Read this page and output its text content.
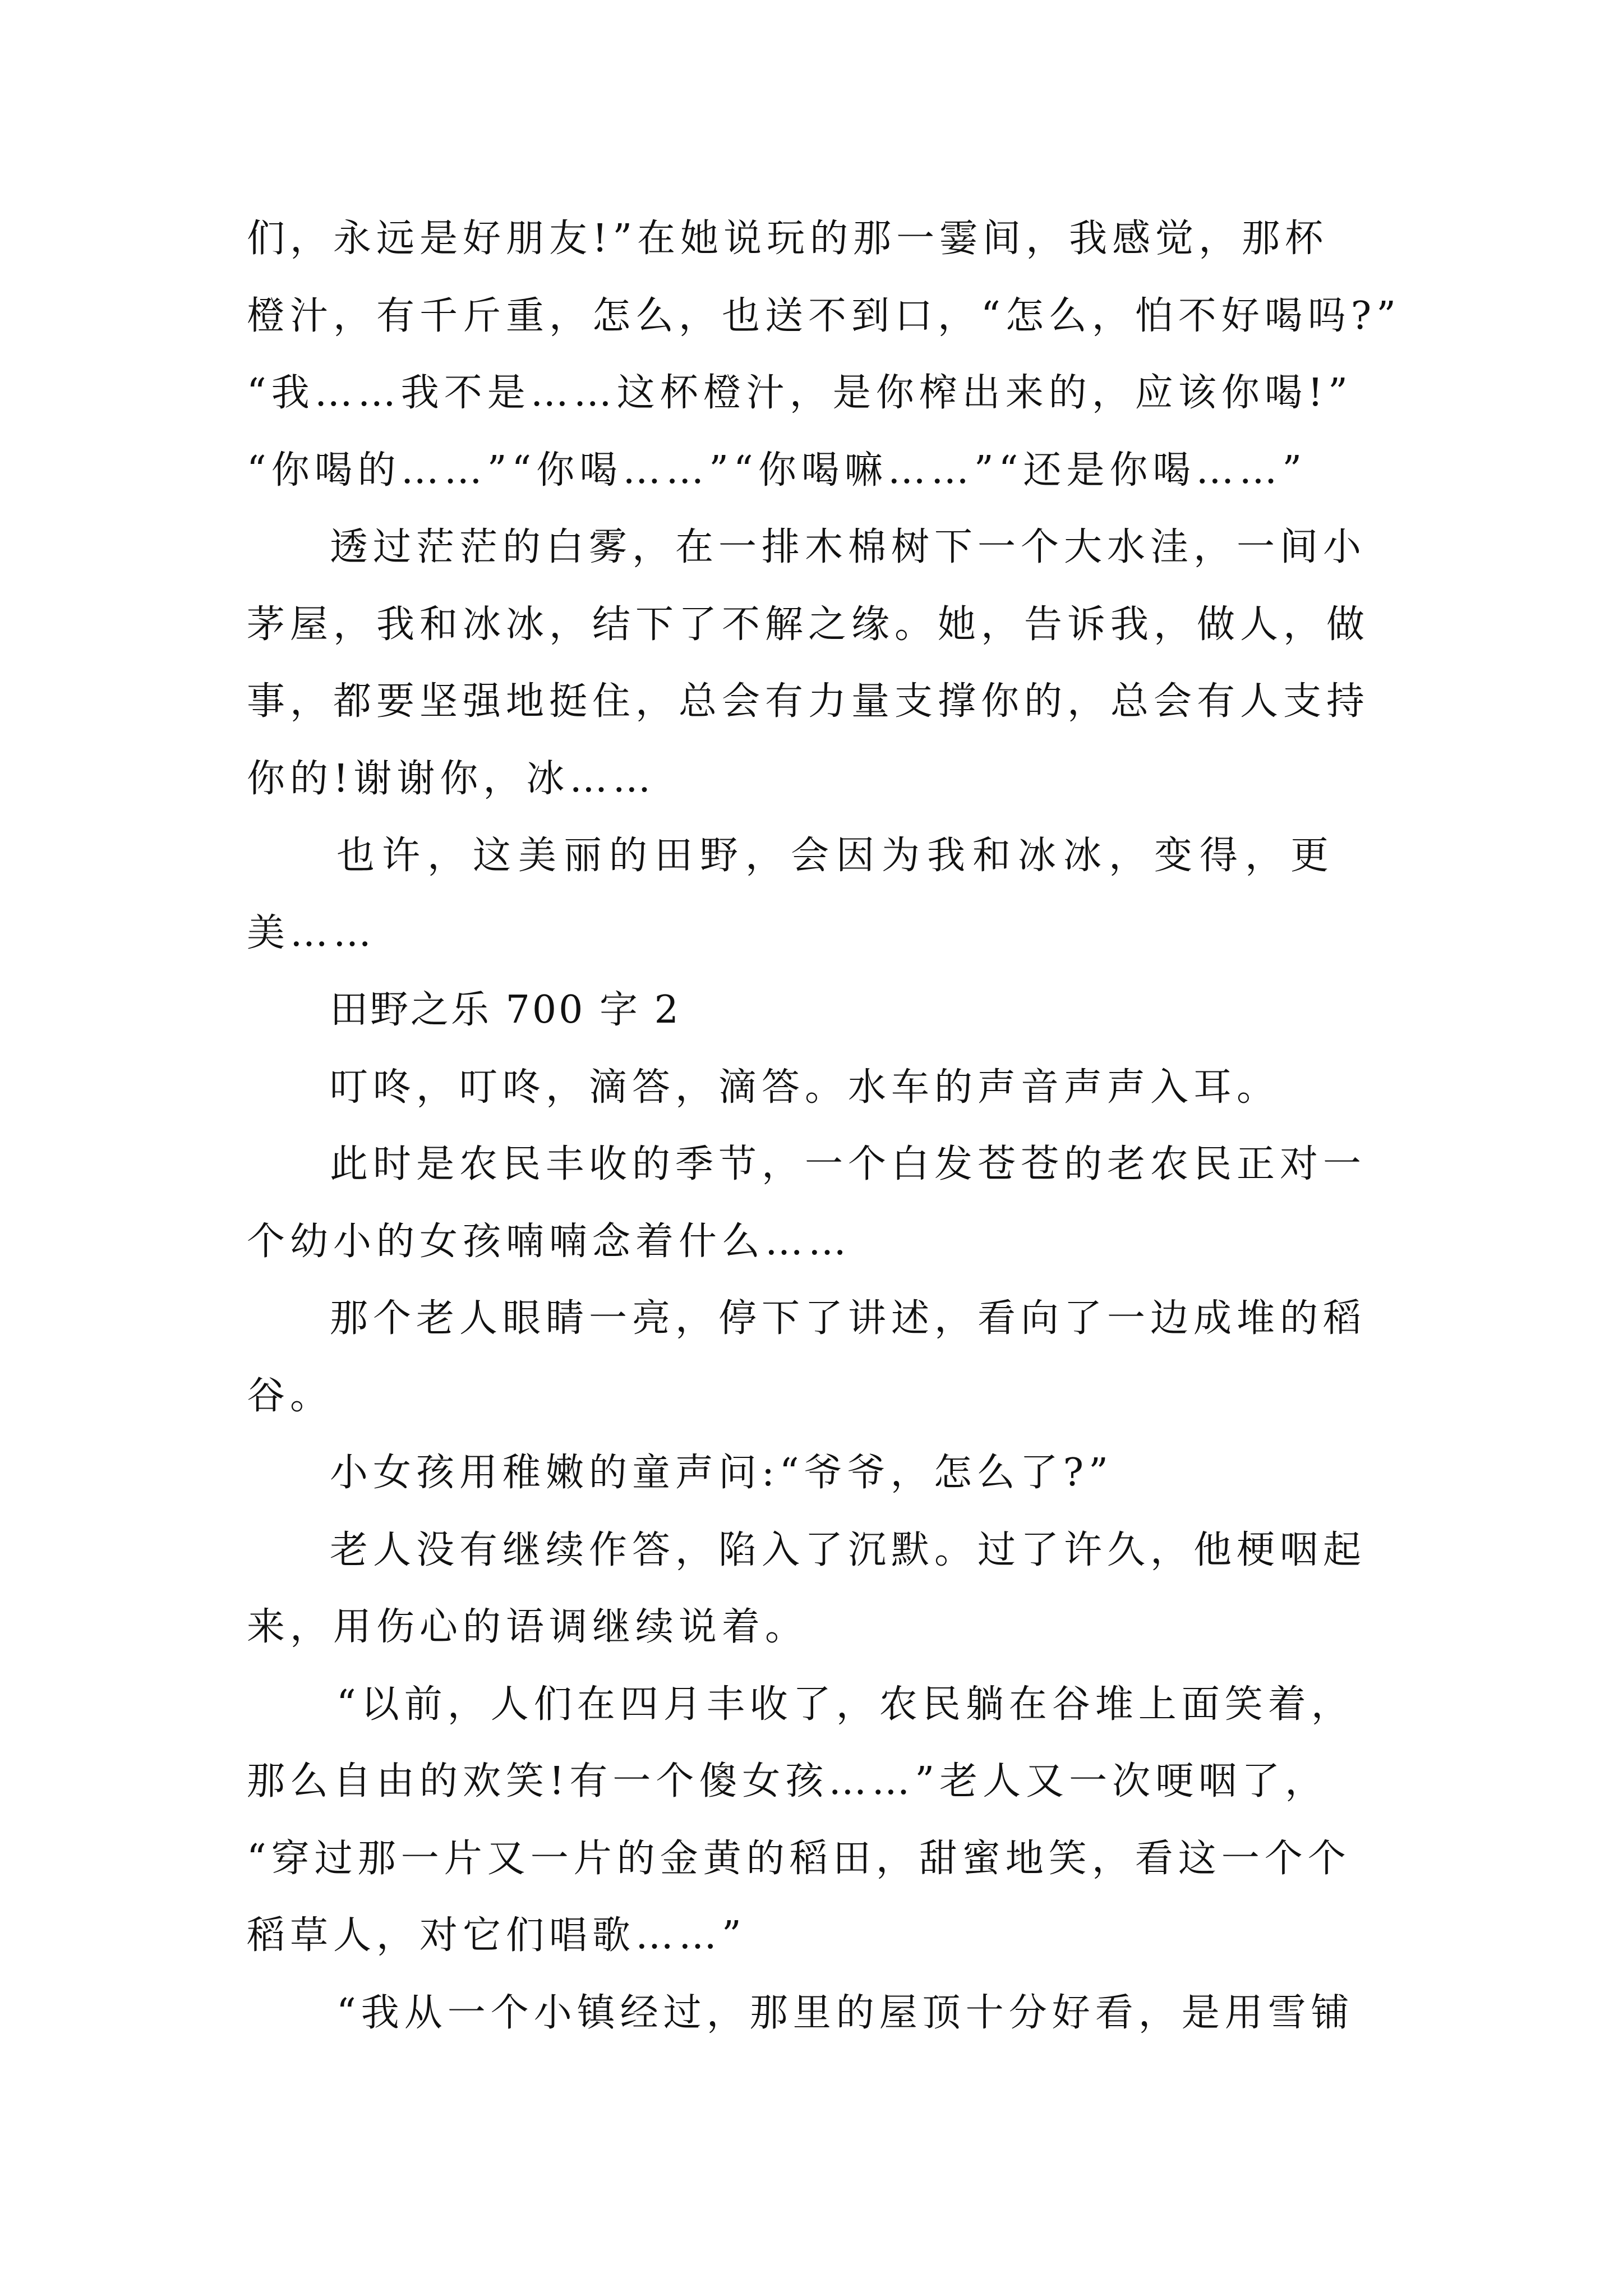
们，永远是好朋友!”在她说玩的那一霎间，我感觉，那杯
橙汁，有千斤重，怎么，也送不到口，“怎么，怕不好喝吗?”
“我……我不是……这杯橙汁，是你榨出来的，应该你喝!”
“你喝的……”“你喝……”“你喝嘛……”“还是你喝……”
透过茫茫的白雾，在一排木棉树下一个大水洼，一间小
茅屋，我和冰冰，结下了不解之缘。她，告诉我，做人，做
事，都要坚强地挺住，总会有力量支撑你的，总会有人支持
你的!谢谢你，冰……
也许，这美丽的田野，会因为我和冰冰，变得，更
美……
田野之乐 700 字 2
叮咚，叮咚，滴答，滴答。水车的声音声声入耳。
此时是农民丰收的季节，一个白发苍苍的老农民正对一
个幼小的女孩喃喃念着什么……
那个老人眼睛一亮，停下了讲述，看向了一边成堆的稻
谷。
小女孩用稚嫩的童声问:“爷爷，怎么了?”
老人没有继续作答，陷入了沉默。过了许久，他梗咽起
来，用伤心的语调继续说着。
“以前，人们在四月丰收了，农民躺在谷堆上面笑着，
那么自由的欢笑!有一个傻女孩……”老人又一次哽咽了，
“穿过那一片又一片的金黄的稻田，甜蜜地笑，看这一个个
稻草人，对它们唱歌……”
“我从一个小镇经过，那里的屋顶十分好看，是用雪铺
